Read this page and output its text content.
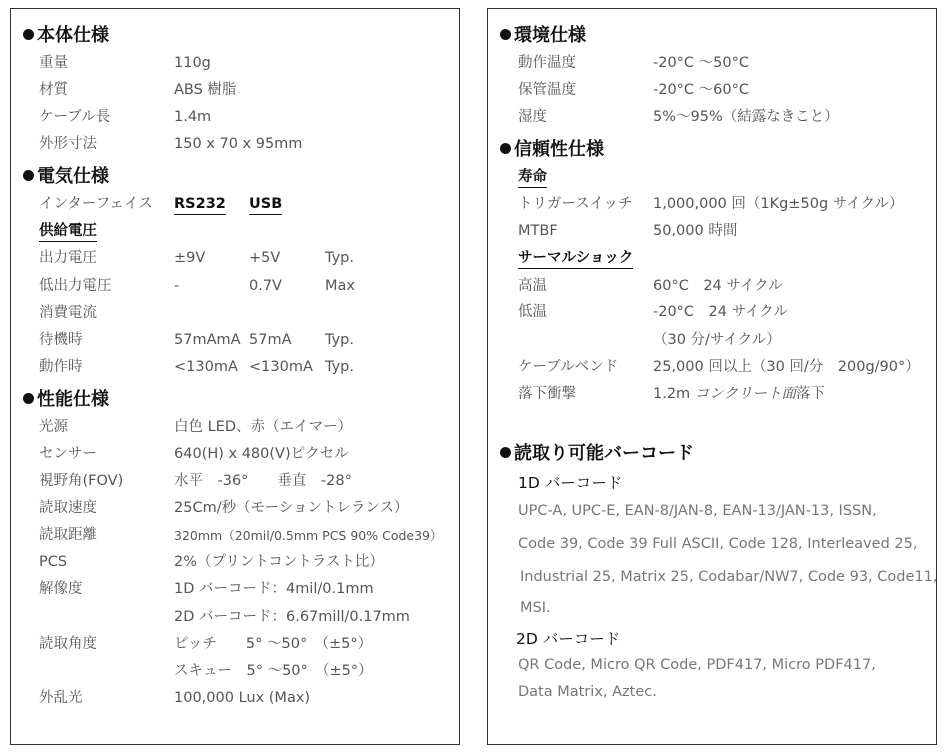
本体仕様
重量	110g
材質	ABS 樹脂
ケーブル長	1.4m
外形寸法	150 x 70 x 95mm
電気仕様
インターフェイス RS232 USB
供給電圧
出力電圧	±9V	+5V	Typ.
低出力電圧	-	0.7V	Max
消費電流
待機時	57mAmA 57mA Typ.
動作時	<130mA <130mA Typ.
性能仕様
光源	白色 LED、赤（エイマー）
センサー	640(H) x 480(V)ピクセル
視野角(FOV)	水平　-36°　　垂直　-28°
読取速度	25Cm/秒（モーショントレランス）
読取距離	320mm（20mil/0.5mm PCS 90% Code39）
PCS	2%（プリントコントラスト比）
解像度	1D バーコード：4mil/0.1mm
2D バーコード：6.67mill/0.17mm
読取角度	ピッチ　　5° ～50°　（±5°）
スキュー　5° ～50°　（±5°）
外乱光	100,000 Lux (Max)
環境仕様
動作温度	-20°C ～50°C
保管温度	-20°C ～60°C
湿度	5%～95%（結露なきこと）
信頼性仕様
寿命
トリガースイッチ 1,000,000 回（1Kg±50g サイクル）
MTBF	50,000 時間
サーマルショック
高温	60°C　24 サイクル
低温	-20°C　24 サイクル
（30 分/サイクル）
ケーブルベンド 25,000 回以上（30 回/分　200g/90°）
落下衝撃	1.2m コンクリート面落下
読取り可能バーコード
1D バーコード
UPC-A, UPC-E, EAN-8/JAN-8, EAN-13/JAN-13, ISSN,
Code 39, Code 39 Full ASCII, Code 128, Interleaved 25,
Industrial 25, Matrix 25, Codabar/NW7, Code 93, Code11,
MSI.
2D バーコード
QR Code, Micro QR Code, PDF417, Micro PDF417,
Data Matrix, Aztec.
